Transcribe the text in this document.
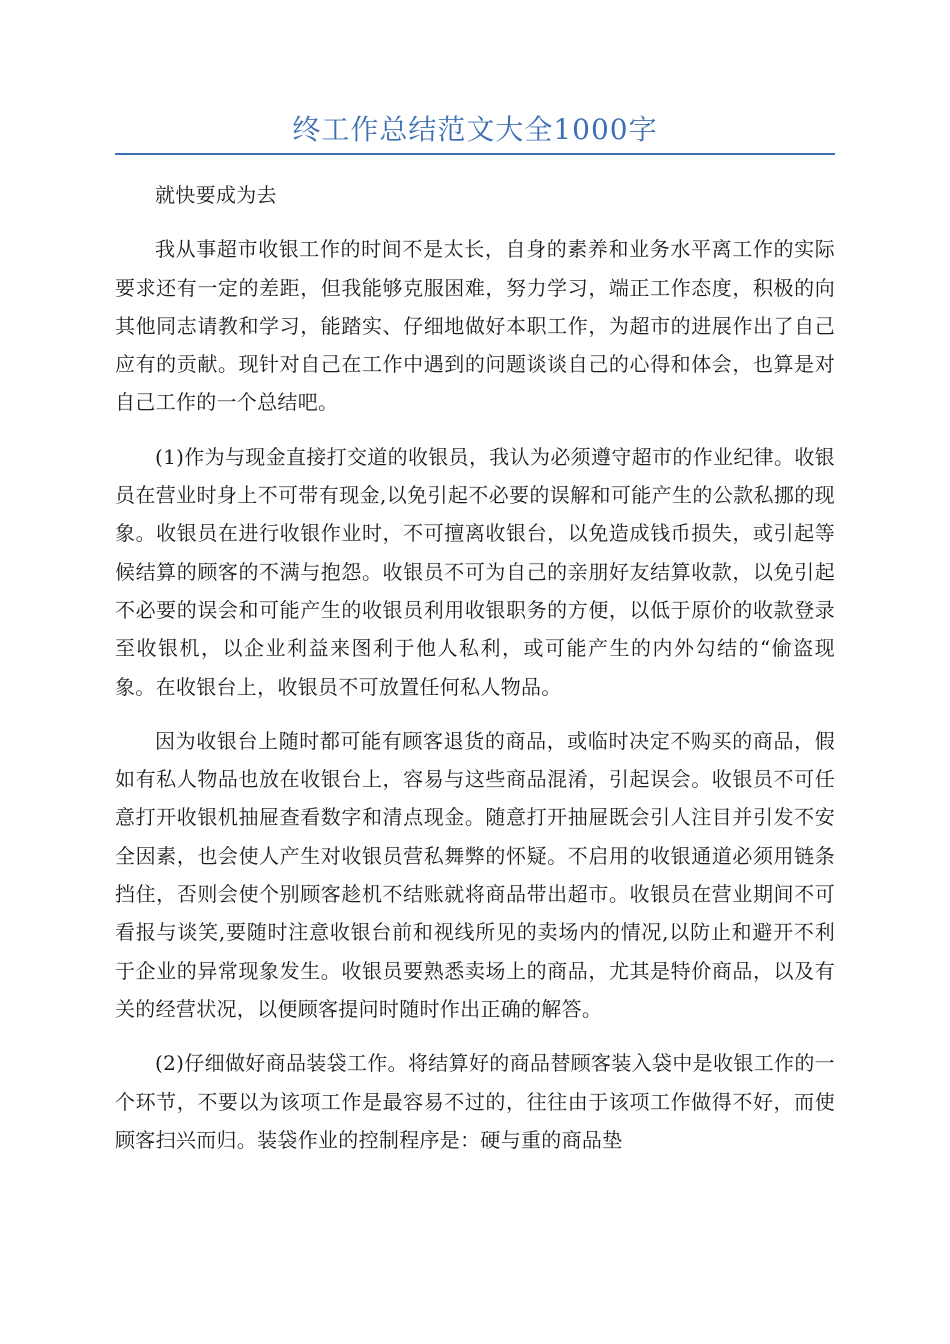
终工作总结范文大全1000字

就快要成为去

我从事超市收银工作的时间不是太长，自身的素养和业务水平离工作的实际要求还有一定的差距，但我能够克服困难，努力学习，端正工作态度，积极的向其他同志请教和学习，能踏实、仔细地做好本职工作，为超市的进展作出了自己应有的贡献。现针对自己在工作中遇到的问题谈谈自己的心得和体会，也算是对自己工作的一个总结吧。

(1)作为与现金直接打交道的收银员，我认为必须遵守超市的作业纪律。收银员在营业时身上不可带有现金,以免引起不必要的误解和可能产生的公款私挪的现象。收银员在进行收银作业时，不可擅离收银台，以免造成钱币损失，或引起等候结算的顾客的不满与抱怨。收银员不可为自己的亲朋好友结算收款，以免引起不必要的误会和可能产生的收银员利用收银职务的方便，以低于原价的收款登录至收银机，以企业利益来图利于他人私利，或可能产生的内外勾结的“偷盗现象。在收银台上，收银员不可放置任何私人物品。

因为收银台上随时都可能有顾客退货的商品，或临时决定不购买的商品，假如有私人物品也放在收银台上，容易与这些商品混淆，引起误会。收银员不可任意打开收银机抽屉查看数字和清点现金。随意打开抽屉既会引人注目并引发不安全因素，也会使人产生对收银员营私舞弊的怀疑。不启用的收银通道必须用链条挡住，否则会使个别顾客趁机不结账就将商品带出超市。收银员在营业期间不可看报与谈笑,要随时注意收银台前和视线所见的卖场内的情况,以防止和避开不利于企业的异常现象发生。收银员要熟悉卖场上的商品，尤其是特价商品，以及有关的经营状况，以便顾客提问时随时作出正确的解答。

(2)仔细做好商品装袋工作。将结算好的商品替顾客装入袋中是收银工作的一个环节，不要以为该项工作是最容易不过的，往往由于该项工作做得不好，而使顾客扫兴而归。装袋作业的控制程序是：硬与重的商品垫
